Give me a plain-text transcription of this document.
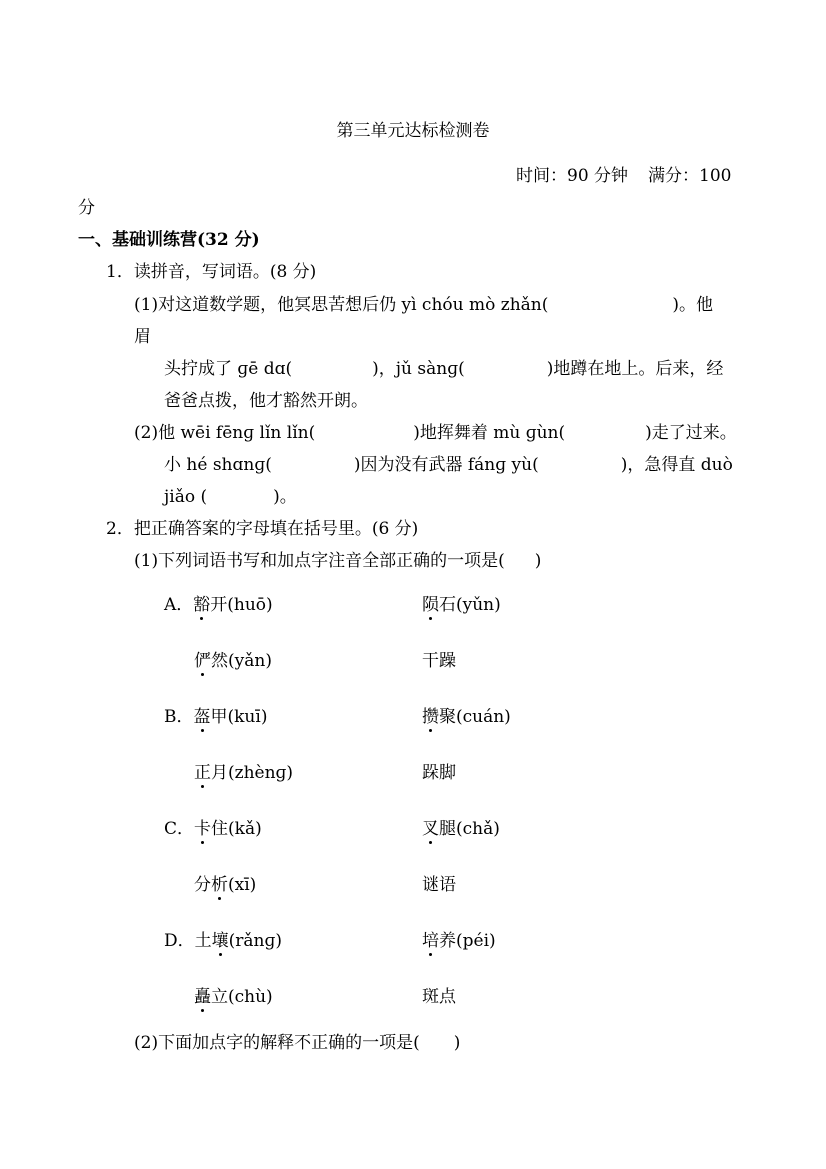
第三单元达标检测卷
时间：90 分钟 满分：100
分
一、基础训练营(32 分)
1．读拼音，写词语。(8 分)
(1)对这道数学题，他冥思苦想后仍 yì chóu mò zhǎn(	)。他
眉
头拧成了 ɡē dɑ(	)，jǔ sànɡ(	)地蹲在地上。后来，经
爸爸点拨，他才豁然开朗。
(2)他 wēi fēnɡ lǐn lǐn(	)地挥舞着 mù ɡùn(	)走了过来。
小 hé shɑnɡ(	)因为没有武器 fánɡ yù(	)，急得直 duò
jiǎo (	)。
2．把正确答案的字母填在括号里。(6 分)
(1)下列词语书写和加点字注音全部正确的一项是( )
A．豁开(huō)	陨石(yǔn)
俨然(yǎn)	干躁
B．盔甲(kuī)	攒聚(cuán)
正月(zhènɡ)	跺脚
C．卡住(kǎ)	叉腿(chǎ)
分析(xī)	谜语
D．土壤(rǎnɡ)	培养(péi)
矗立(chù)	斑点
(2)下面加点字的解释不正确的一项是( )
